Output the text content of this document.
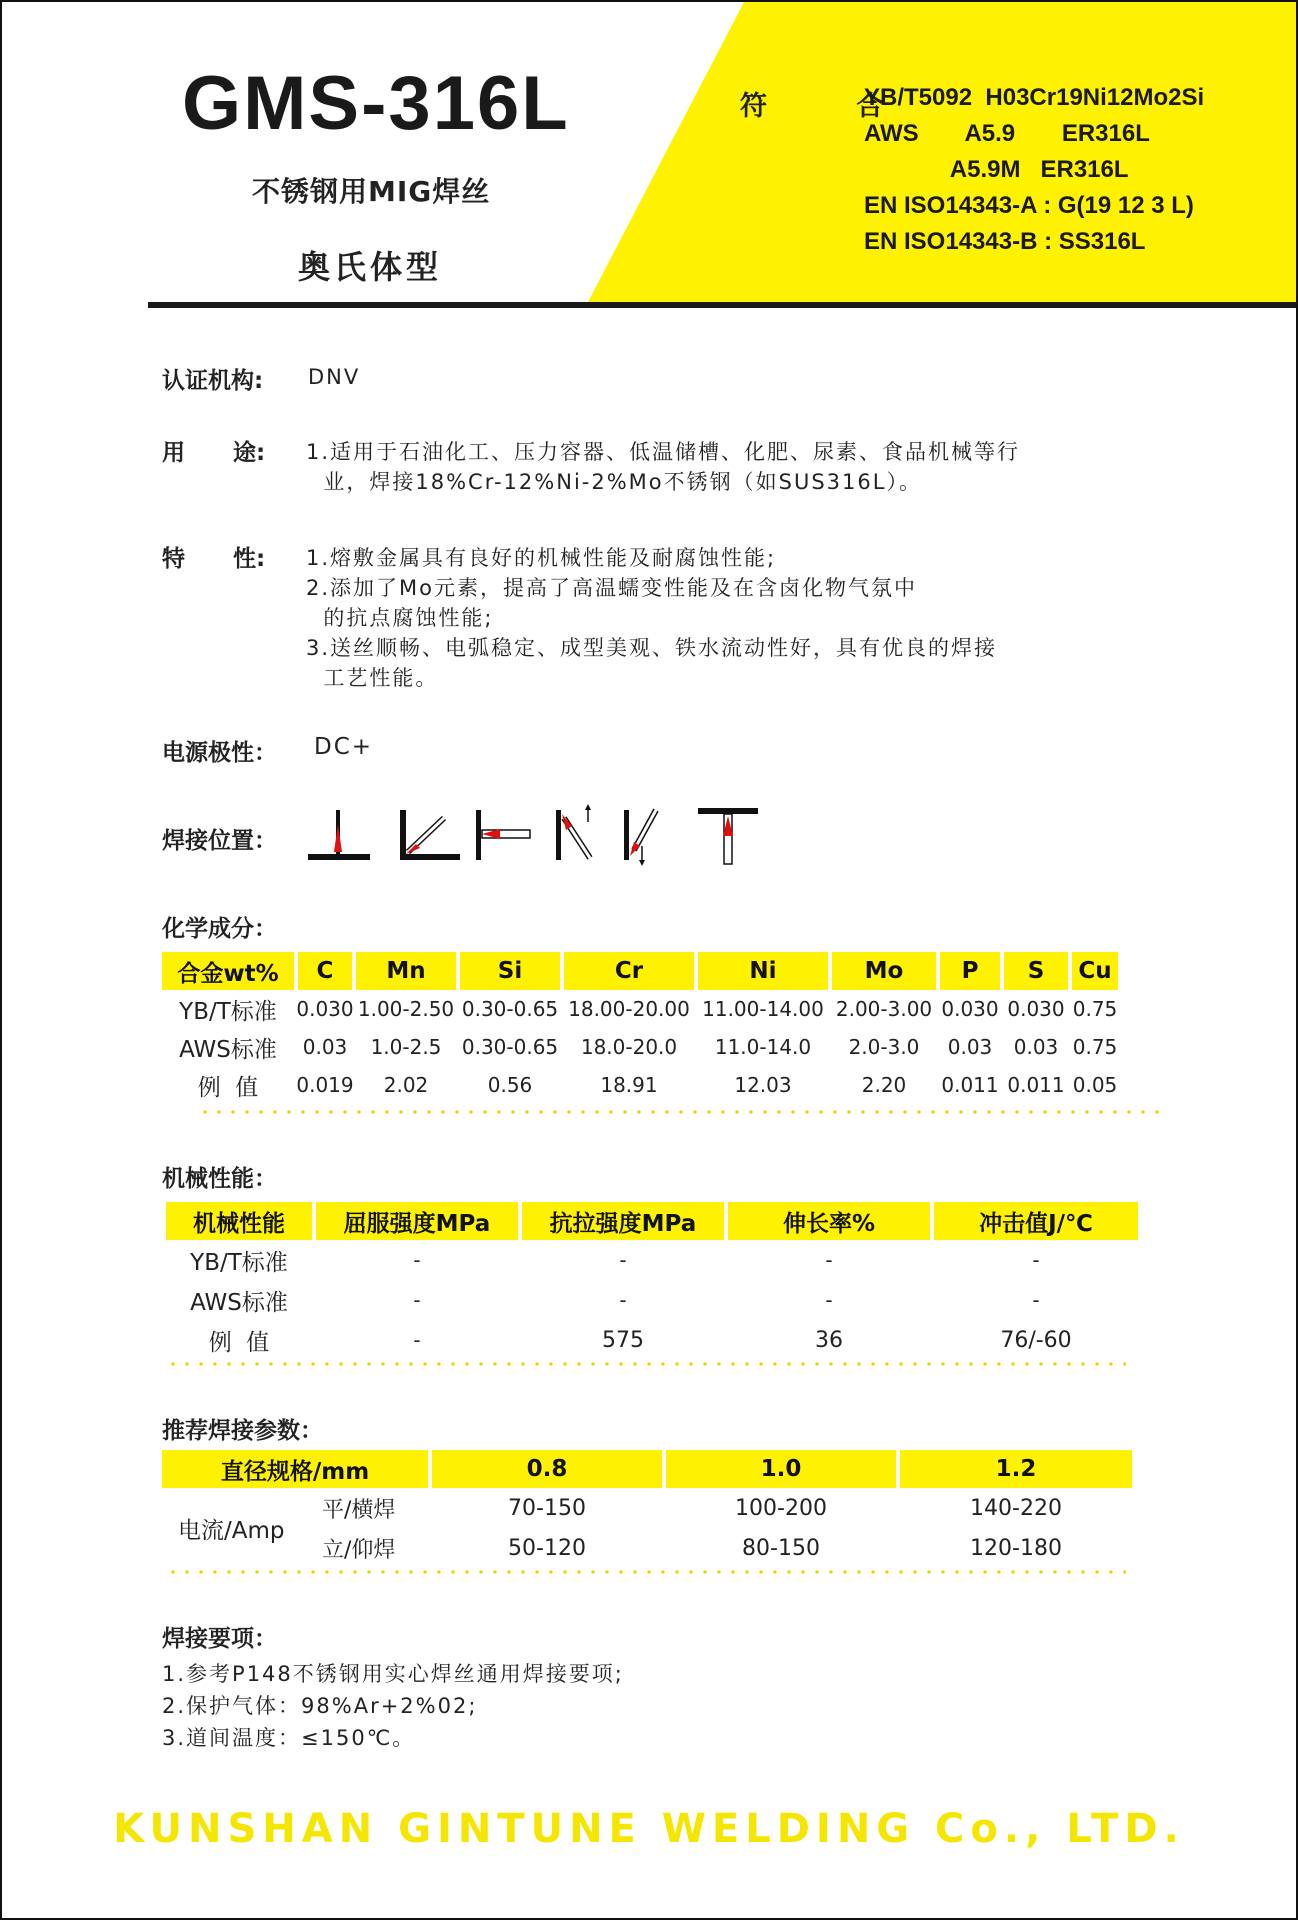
GMS-316L
不锈钢用MIG焊丝
奥氏体型
符 合
YB/T5092  H03Cr19Ni12Mo2Si
AWS       A5.9       ER316L
A5.9M   ER316L
EN ISO14343-A : G(19 12 3 L)
EN ISO14343-B : SS316L
认证机构: DNV
用      途: 1.适用于石油化工、压力容器、低温储槽、化肥、尿素、食品机械等行
业，焊接18%Cr-12%Ni-2%Mo不锈钢（如SUS316L）。
特      性: 1.熔敷金属具有良好的机械性能及耐腐蚀性能;
2.添加了Mo元素，提高了高温蠕变性能及在含卤化物气氛中
的抗点腐蚀性能;
3.送丝顺畅、电弧稳定、成型美观、铁水流动性好，具有优良的焊接
工艺性能。
电源极性： DC+
焊接位置：
化学成分：
合金wt%	C	Mn	Si	Cr	Ni	Mo	P	S	Cu
YB/T标准 0.030 1.00-2.50 0.30-0.65 18.00-20.00 11.00-14.00 2.00-3.00 0.030 0.030 0.75
AWS标准	0.03	1.0-2.5	0.30-0.65	18.0-20.0	11.0-14.0	2.0-3.0	0.03	0.03 0.75
例  值	0.019	2.02	0.56	18.91	12.03	2.20	0.011 0.011 0.05
机械性能：
机械性能	屈服强度MPa	抗拉强度MPa	伸长率%	冲击值J/℃
YB/T标准	-	-	-	-
AWS标准	-	-	-	-
例  值	-	575	36	76/-60
推荐焊接参数：
直径规格/mm	0.8	1.0	1.2
电流/Amp
平/横焊	70-150	100-200	140-220
立/仰焊	50-120	80-150	120-180
焊接要项：
1.参考P148不锈钢用实心焊丝通用焊接要项;
2.保护气体：98%Ar+2%02;
3.道间温度：≤150℃。
KUNSHAN GINTUNE WELDING Co., LTD.
